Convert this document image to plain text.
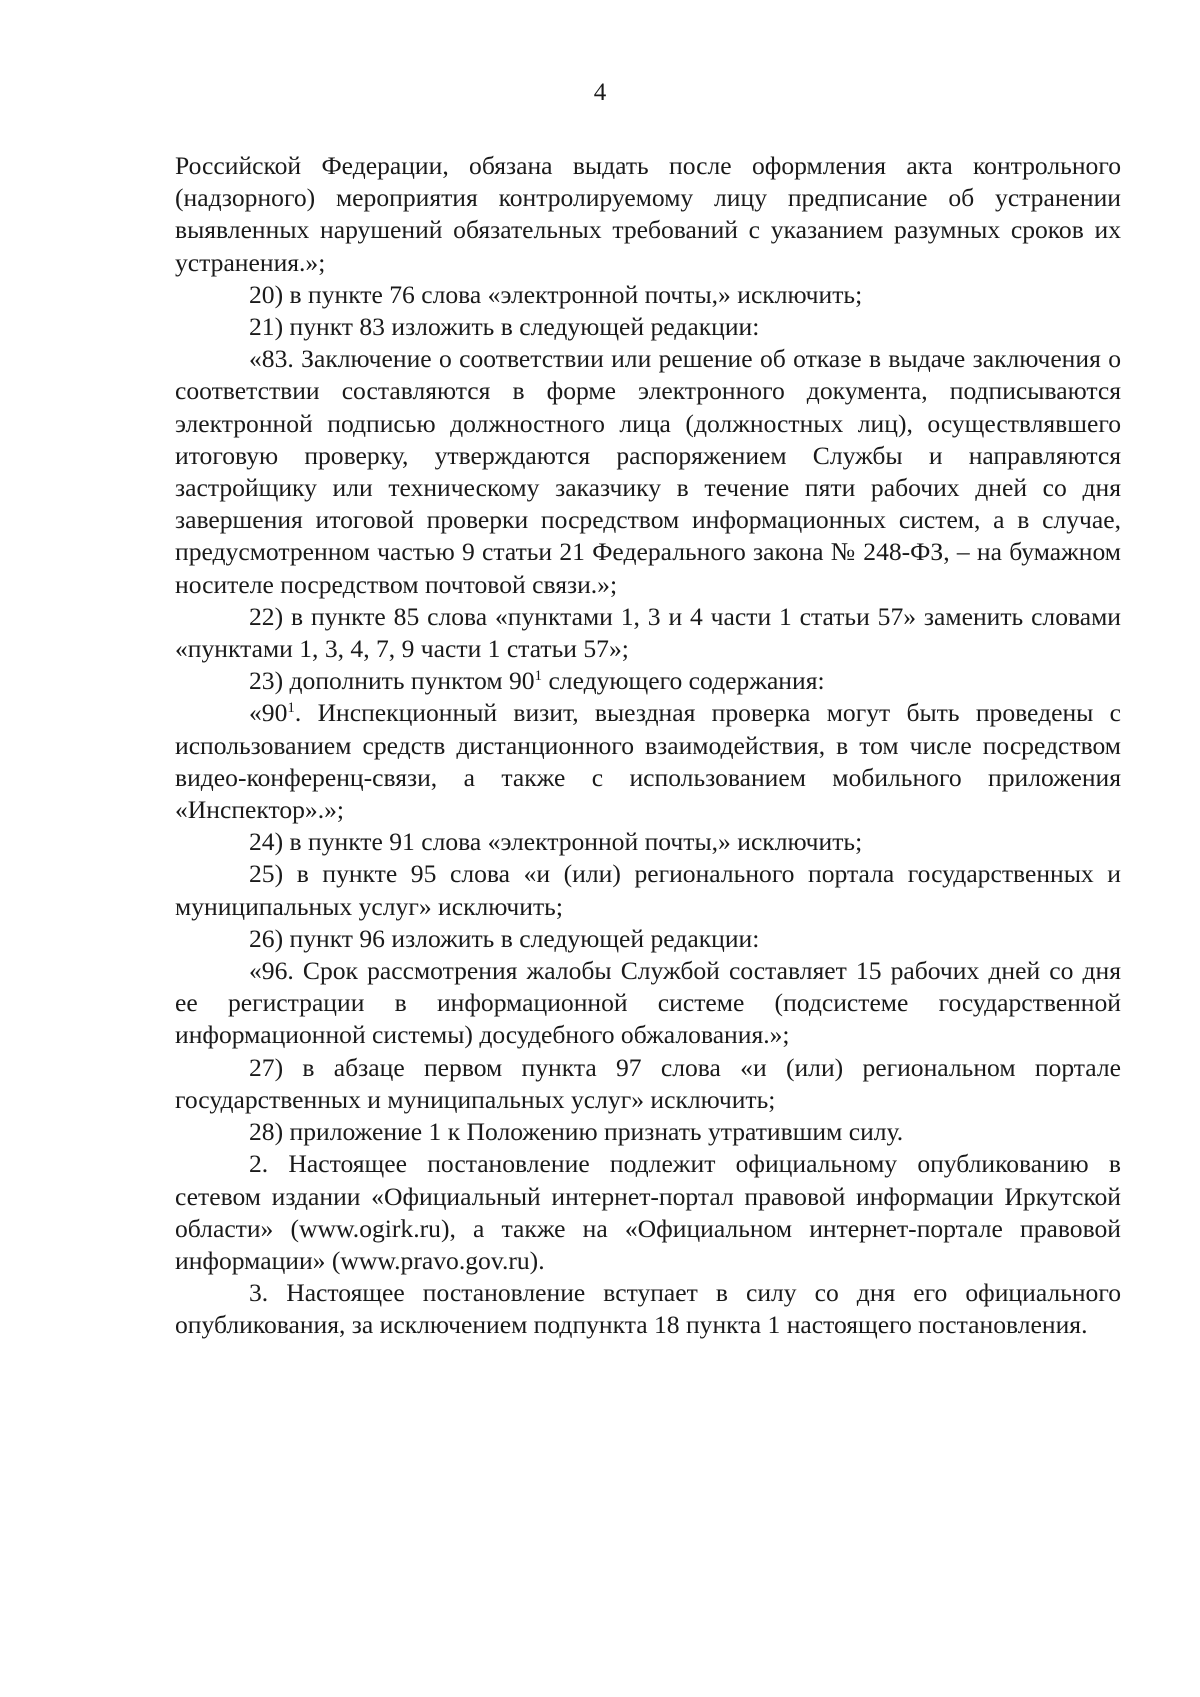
4

Российской Федерации, обязана выдать после оформления акта контрольного (надзорного) мероприятия контролируемому лицу предписание об устранении выявленных нарушений обязательных требований с указанием разумных сроков их устранения.»;

20) в пункте 76 слова «электронной почты,» исключить;

21) пункт 83 изложить в следующей редакции:

«83. Заключение о соответствии или решение об отказе в выдаче заключения о соответствии составляются в форме электронного документа, подписываются электронной подписью должностного лица (должностных лиц), осуществлявшего итоговую проверку, утверждаются распоряжением Службы и направляются застройщику или техническому заказчику в течение пяти рабочих дней со дня завершения итоговой проверки посредством информационных систем, а в случае, предусмотренном частью 9 статьи 21 Федерального закона № 248-ФЗ, – на бумажном носителе посредством почтовой связи.»;

22) в пункте 85 слова «пунктами 1, 3 и 4 части 1 статьи 57» заменить словами «пунктами 1, 3, 4, 7, 9 части 1 статьи 57»;

23) дополнить пунктом $90^1$ следующего содержания:

«$90^1$. Инспекционный визит, выездная проверка могут быть проведены с использованием средств дистанционного взаимодействия, в том числе посредством видео-конференц-связи, а также с использованием мобильного приложения «Инспектор».»;

24) в пункте 91 слова «электронной почты,» исключить;

25) в пункте 95 слова «и (или) регионального портала государственных и муниципальных услуг» исключить;

26) пункт 96 изложить в следующей редакции:

«96. Срок рассмотрения жалобы Службой составляет 15 рабочих дней со дня ее регистрации в информационной системе (подсистеме государственной информационной системы) досудебного обжалования.»;

27) в абзаце первом пункта 97 слова «и (или) региональном портале государственных и муниципальных услуг» исключить;

28) приложение 1 к Положению признать утратившим силу.

2. Настоящее постановление подлежит официальному опубликованию в сетевом издании «Официальный интернет-портал правовой информации Иркутской области» (www.ogirk.ru), а также на «Официальном интернет-портале правовой информации» (www.pravo.gov.ru).

3. Настоящее постановление вступает в силу со дня его официального опубликования, за исключением подпункта 18 пункта 1 настоящего постановления.
